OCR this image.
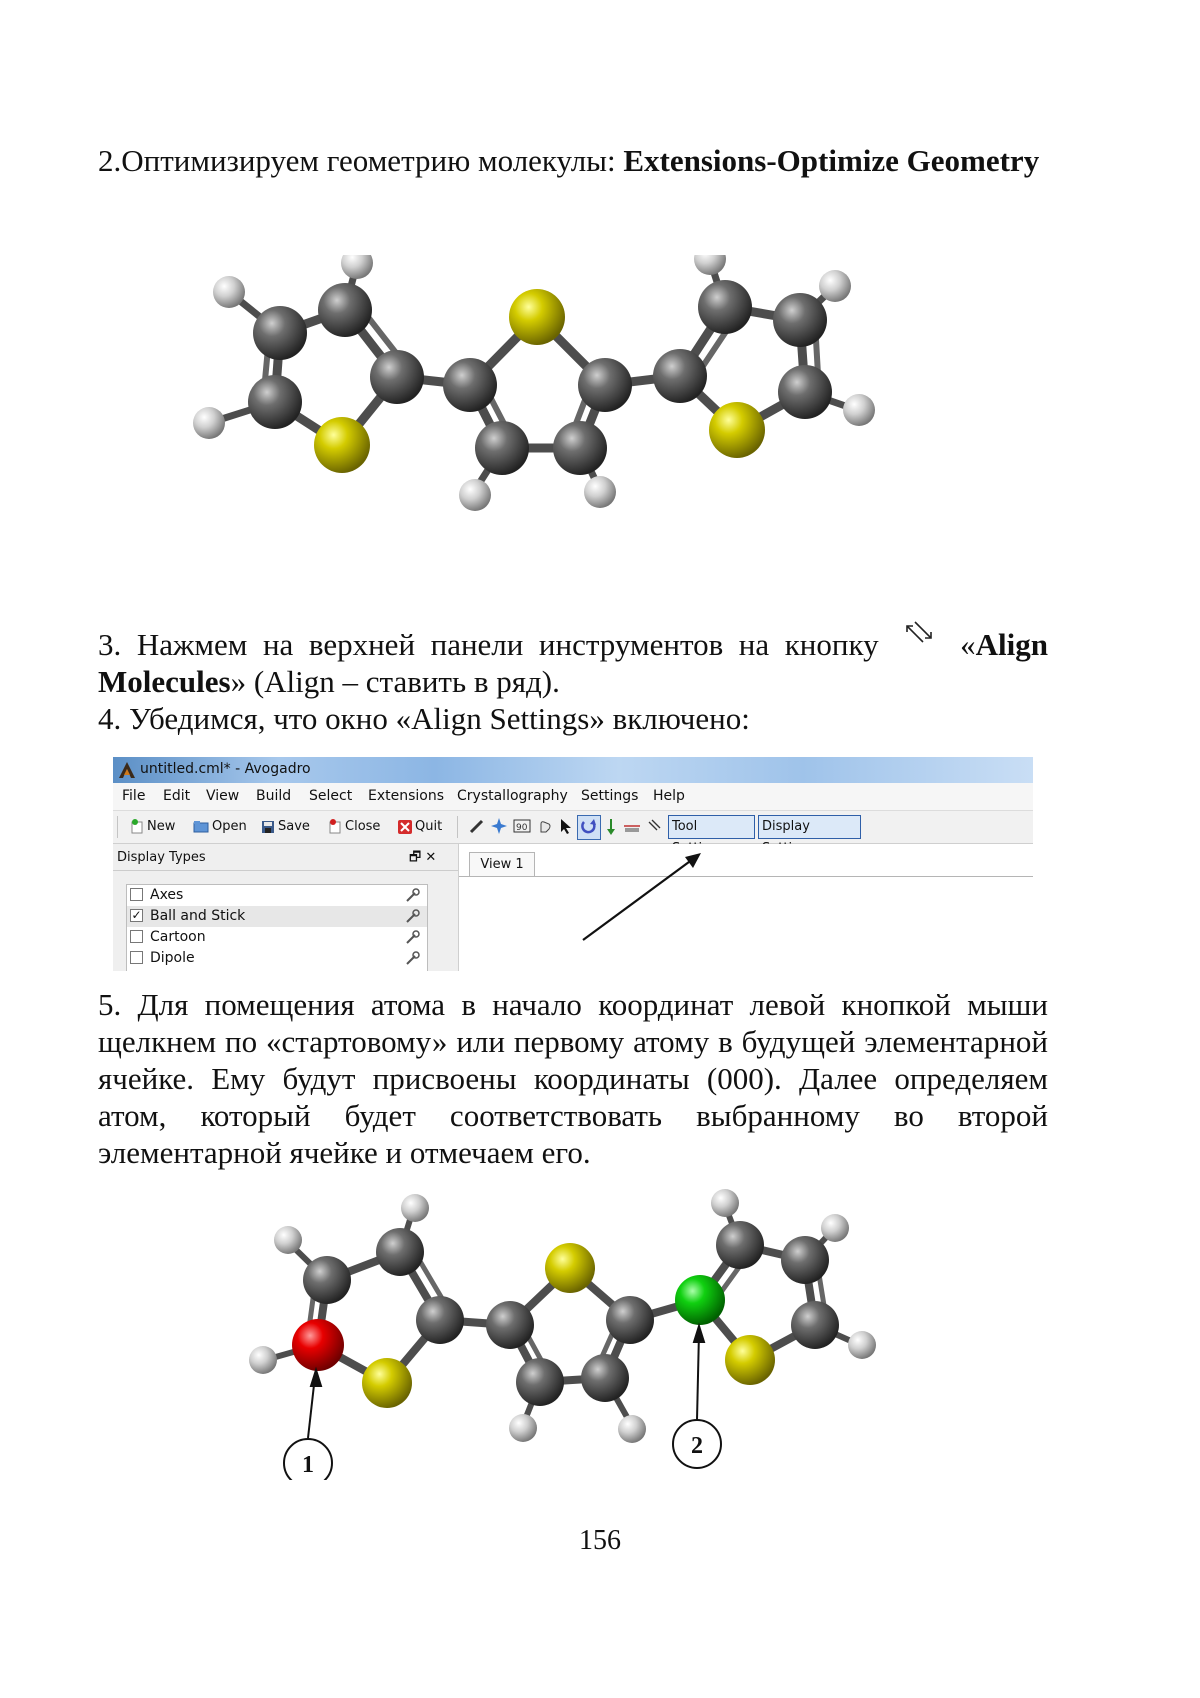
2.Оптимизируем геометрию молекулы: Extensions-Optimize Geometry

3. Нажмем на верхней панели инструментов на кнопку «Align Molecules» (Align – ставить в ряд).

4. Убедимся, что окно «Align Settings» включено:

untitled.cml* - Avogadro
File Edit View Build Select Extensions Crystallography Settings Help
New	Open Save	Close	Quit	90	Tool	Display
Display Types	🗗 ✕
Axes
✓ Ball and Stick
Cartoon
Dipole
View 1

5. Для помещения атома в начало координат левой кнопкой мыши щелкнем по «стартовому» или первому атому в будущей элементарной ячейке. Ему будут присвоены координаты (000). Далее определяем атом, который будет соответствовать выбранному во второй элементарной ячейке и отмечаем его.

1
2
156
